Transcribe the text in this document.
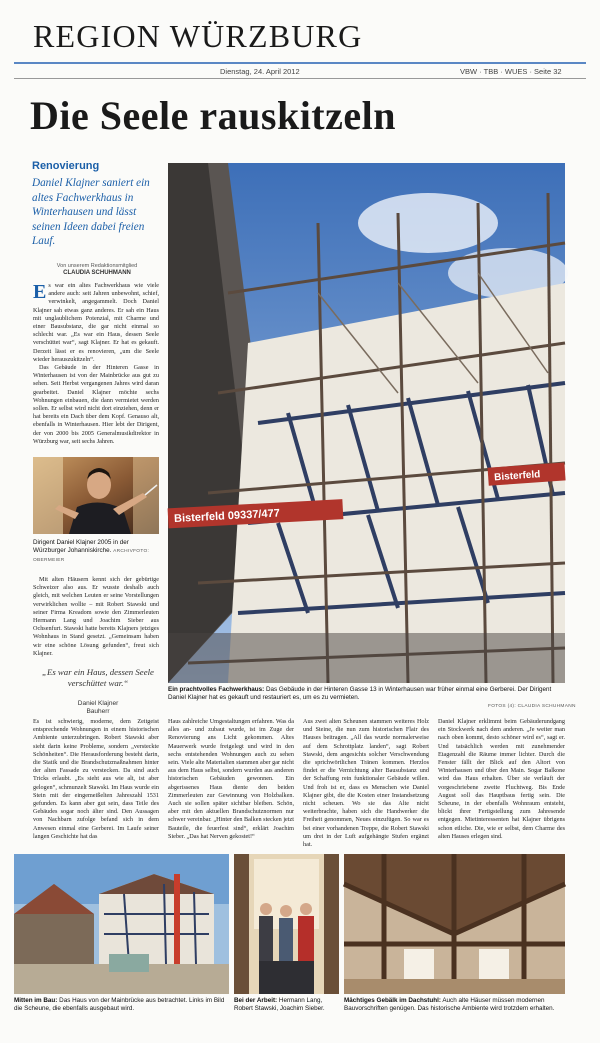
REGION WÜRZBURG
Dienstag, 24. April 2012	VBW · TBB · WUES · Seite 32
Die Seele rauskitzeln
Renovierung
Daniel Klajner saniert ein altes Fachwerkhaus in Winterhausen und lässt seinen Ideen dabei freien Lauf.
Von unserem Redaktionsmitglied
CLAUDIA SCHUHMANN
Es war ein altes Fachwerkhaus wie viele andere auch: seit Jahren unbewohnt, schief, verwinkelt, angegammelt. Doch Daniel Klajner sah etwas ganz anderes. Er sah ein Haus mit unglaublichem Potenzial, mit Charme und einer Bausubstanz, die gar nicht einmal so schlecht war. „Es war ein Haus, dessen Seele verschüttet war“, sagt Klajner. Er hat es gekauft. Derzeit lässt er es renovieren, „um die Seele wieder herauszukitzeln“.
Das Gebäude in der Hinteren Gasse in Winterhausen ist von der Mainbrücke aus gut zu sehen. Seit Herbst vergangenen Jahres wird daran gearbeitet. Daniel Klajner möchte sechs Wohnungen einbauen, die dann vermietet werden sollen. Er selbst wird nicht dort einziehen, denn er hat bereits ein Dach über dem Kopf. Genauso alt, ebenfalls in Winterhausen. Hier lebt der Dirigent, der von 2000 bis 2005 Generalmusikdirektor in Würzburg war, seit sechs Jahren.
Dirigent Daniel Klajner 2005 in der Würzburger Johanniskirche. ARCHIVFOTO: OBERMEIER
Mit alten Häusern kennt sich der gebürtige Schweizer also aus. Er wusste deshalb auch gleich, mit welchen Leuten er seine Vorstellungen verwirklichen wollte – mit Robert Stawski und seiner Firma Kreadom sowie den Zimmerleuten Hermann Lang und Joachim Sieber aus Ochsenfurt. Stawski hatte bereits Klajners jetziges Wohnhaus in Stand gesetzt. „Gemeinsam haben wir eine schöne Lösung gefunden“, freut sich Klajner.
„Es war ein Haus, dessen Seele verschüttet war.“
Daniel Klajner
Bauherr
Bisterfeld 09337/477
Bisterfeld
Ein prachtvolles Fachwerkhaus: Das Gebäude in der Hinteren Gasse 13 in Winterhausen war früher einmal eine Gerberei. Der Dirigent Daniel Klajner hat es gekauft und restauriert es, um es zu vermieten.
FOTOS (4): CLAUDIA SCHUHMANN
Es ist schwierig, moderne, dem Zeitgeist entsprechende Wohnungen in einem historischen Ambiente unterzubringen. Robert Stawski aber sieht darin keine Probleme, sondern „versteckte Schönheiten“. Die Herausforderung besteht darin, die Statik und die Brandschutzmaßnahmen hinter der alten Fassade zu verstecken. Da sind auch Tricks erlaubt. „Es sieht aus wie alt, ist aber gelogen“, schmunzelt Stawski. Im Haus wurde ein Stein mit der eingemeißelten Jahreszahl 1531 gefunden. Es kann aber gut sein, dass Teile des Gebäudes sogar noch älter sind. Den Aussagen von Nachbarn zufolge befand sich in dem Anwesen einmal eine Gerberei. Im Laufe seiner langen Geschichte hat das
Haus zahlreiche Umgestaltungen erfahren. Was da alles an- und zubaut wurde, ist im Zuge der Renovierung ans Licht gekommen. Altes Mauerwerk wurde freigelegt und wird in den sechs entstehenden Wohnungen auch zu sehen sein. Viele alte Materialien stammen aber gar nicht aus dem Haus selbst, sondern wurden aus anderen historischen Gebäuden gewonnen. Ein abgerissenes Haus diente den beiden Zimmerleuten zur Gewinnung von Holzbalken. Auch sie sollen später sichtbar bleiben. Schön, aber mit den aktuellen Brandschutznormen nur schwer vereinbar. „Hinter den Balken stecken jetzt Bauteile, die feuerfest sind“, erklärt Joachim Sieber. „Das hat Nerven gekostet!“
Aus zwei alten Scheunen stammen weiteres Holz und Steine, die nun zum historischen Flair des Hauses beitragen. „All das wurde normalerweise auf dem Schrottplatz landen“, sagt Robert Stawski, dem angesichts solcher Verschwendung die sprichwörtlichen Tränen kommen. Herzlos findet er die Vernichtung alter Bausubstanz und der Schaffung rein funktionaler Gebäude willen. Und froh ist er, dass es Menschen wie Daniel Klajner gibt, die die Kosten einer Instandsetzung nicht scheuen. Wo sie das Alte nicht weiterbrachte, haben sich die Handwerker die Freiheit genommen, Neues einzufügen. So war es bei einer vorhandenen Treppe, die Robert Stawski um drei in der Luft aufgehängte Stufen ergänzt hat.
Daniel Klajner erklimmt beim Gebäuderundgang ein Stockwerk nach dem anderen. „Je weiter man nach oben kommt, desto schöner wird es“, sagt er. Und tatsächlich werden mit zunehmender Etagenzahl die Räume immer lichter. Durch die Fenster fällt der Blick auf den Altort von Winterhausen und über den Main. Sogar Balkone wird das Haus erhalten. Über sie verläuft der vorgeschriebene zweite Fluchtweg. Bis Ende August soll das Hauptbaus fertig sein. Die Scheune, in der ebenfalls Wohnraum entsteht, blickt ihrer Fertigstellung zum Jahresende entgegen. Mietinteressenten hat Klajner übrigens schon etliche. Die, wie er selbst, dem Charme des alten Hauses erlegen sind.
Mitten im Bau: Das Haus von der Mainbrücke aus betrachtet. Links im Bild die Scheune, die ebenfalls ausgebaut wird.
Bei der Arbeit: Hermann Lang, Robert Stawski, Joachim Sieber.
Mächtiges Gebälk im Dachstuhl: Auch alte Häuser müssen modernen Bauvorschriften genügen. Das historische Ambiente wird trotzdem erhalten.
